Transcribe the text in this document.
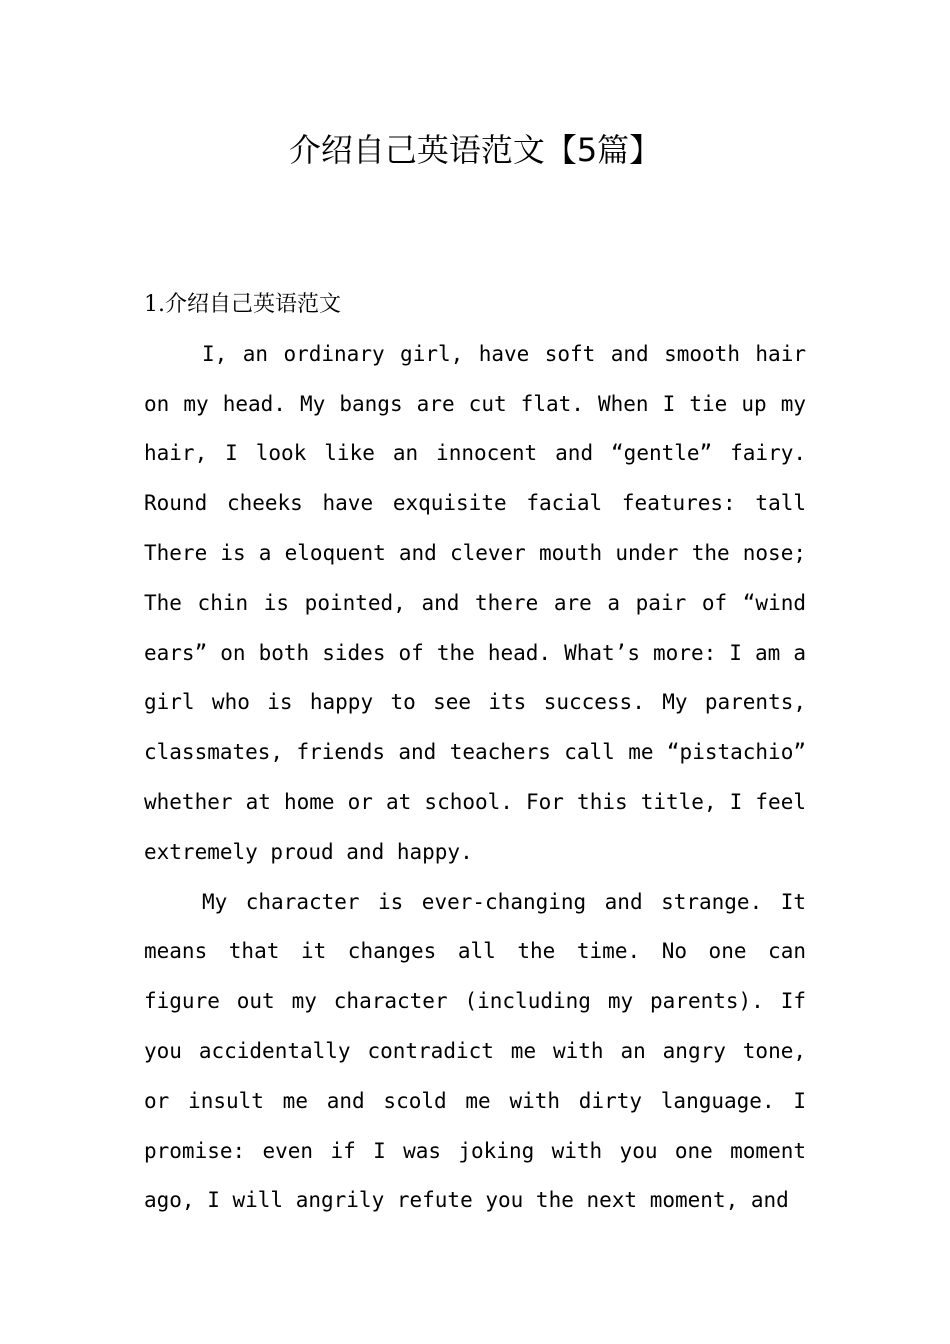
介绍自己英语范文【5篇】
1.介绍自己英语范文

I, an ordinary girl, have soft and smooth hair on my head. My bangs are cut flat. When I tie up my hair, I look like an innocent and “gentle” fairy. Round cheeks have exquisite facial features: tall There is a eloquent and clever mouth under the nose; The chin is pointed, and there are a pair of “wind ears” on both sides of the head. What’s more: I am a girl who is happy to see its success. My parents, classmates, friends and teachers call me “pistachio” whether at home or at school. For this title, I feel extremely proud and happy.

My character is ever-changing and strange. It means that it changes all the time. No one can figure out my character (including my parents). If you accidentally contradict me with an angry tone, or insult me and scold me with dirty language. I promise: even if I was joking with you one moment ago, I will angrily refute you the next moment, and
